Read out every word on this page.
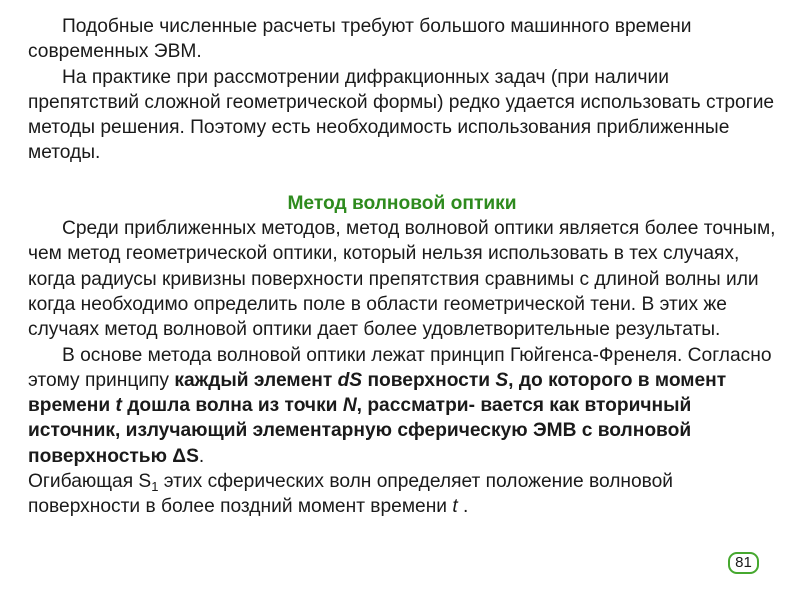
Подобные численные расчеты требуют большого машинного времени современных ЭВМ.

На практике при рассмотрении дифракционных задач (при наличии препятствий сложной геометрической формы) редко удается использовать строгие методы решения. Поэтому есть необходимость использования приближенные методы.

Метод волновой оптики

Среди приближенных методов, метод волновой оптики является более точным, чем метод геометрической оптики, который нельзя использовать в тех случаях, когда радиусы кривизны поверхности препятствия сравнимы с длиной волны или когда необходимо определить поле в области геометрической тени. В этих же случаях метод волновой оптики дает более удовлетворительные результаты.

В основе метода волновой оптики лежат принцип Гюйгенса-Френеля. Согласно этому принципу каждый элемент dS поверхности S, до которого в момент времени t дошла волна из точки N, рассматри- вается как вторичный источник, излучающий элементарную сферическую ЭМВ с волновой поверхностью ΔS.
Огибающая $S_1$ этих сферических волн определяет положение волновой поверхности в более поздний момент времени t .

81
